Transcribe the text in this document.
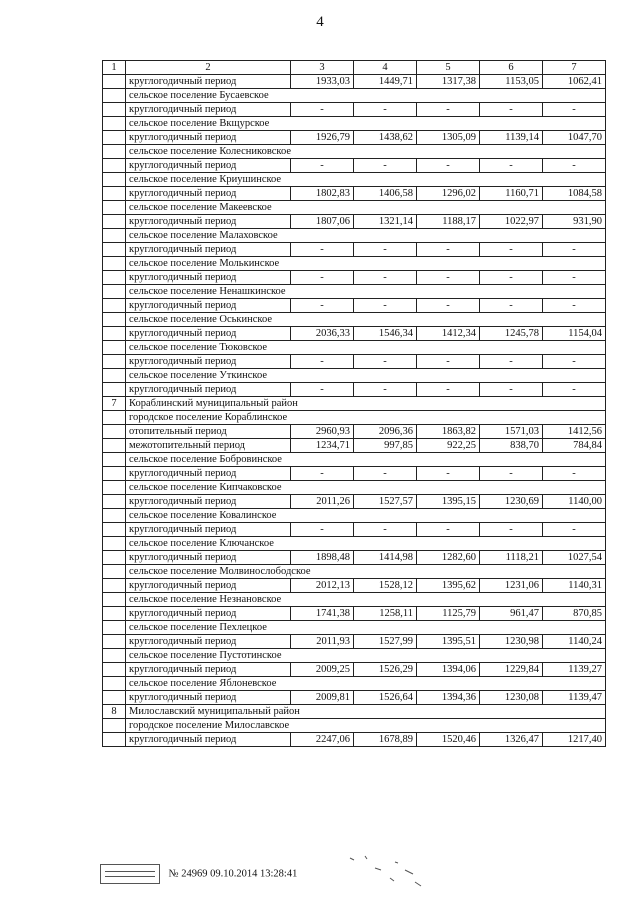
4
1	2	3	4	5	6	7
	круглогодичный период	1933,03	1449,71	1317,38	1153,05	1062,41
	сельское поселение Бусаевское					
	круглогодичный период	-	-	-	-	-
	сельское поселение Вкщурское					
	круглогодичный период	1926,79	1438,62	1305,09	1139,14	1047,70
	сельское поселение Колесниковское					
	круглогодичный период	-	-	-	-	-
	сельское поселение Криушинское					
	круглогодичный период	1802,83	1406,58	1296,02	1160,71	1084,58
	сельское поселение Макеевское					
	круглогодичный период	1807,06	1321,14	1188,17	1022,97	931,90
	сельское поселение Малаховское					
	круглогодичный период	-	-	-	-	-
	сельское поселение Молькинское					
	круглогодичный период	-	-	-	-	-
	сельское поселение Ненашкинское					
	круглогодичный период	-	-	-	-	-
	сельское поселение Оськинское					
	круглогодичный период	2036,33	1546,34	1412,34	1245,78	1154,04
	сельское поселение Тюковское					
	круглогодичный период	-	-	-	-	-
	сельское поселение Уткинское					
	круглогодичный период	-	-	-	-	-
7	Кораблинский муниципальный район					
	городское поселение Кораблинское					
	отопительный период	2960,93	2096,36	1863,82	1571,03	1412,56
	межотопительный период	1234,71	997,85	922,25	838,70	784,84
	сельское поселение Бобровинское					
	круглогодичный период	-	-	-	-	-
	сельское поселение Кипчаковское					
	круглогодичный период	2011,26	1527,57	1395,15	1230,69	1140,00
	сельское поселение Ковалинское					
	круглогодичный период	-	-	-	-	-
	сельское поселение Ключанское					
	круглогодичный период	1898,48	1414,98	1282,60	1118,21	1027,54
	сельское поселение Молвинослободское					
	круглогодичный период	2012,13	1528,12	1395,62	1231,06	1140,31
	сельское поселение Незнановское					
	круглогодичный период	1741,38	1258,11	1125,79	961,47	870,85
	сельское поселение Пехлецкое					
	круглогодичный период	2011,93	1527,99	1395,51	1230,98	1140,24
	сельское поселение Пустотинское					
	круглогодичный период	2009,25	1526,29	1394,06	1229,84	1139,27
	сельское поселение Яблоневское					
	круглогодичный период	2009,81	1526,64	1394,36	1230,08	1139,47
8	Милославский муниципальный район					
	городское поселение Милославское					
	круглогодичный период	2247,06	1678,89	1520,46	1326,47	1217,40
№ 24969 09.10.2014 13:28:41
